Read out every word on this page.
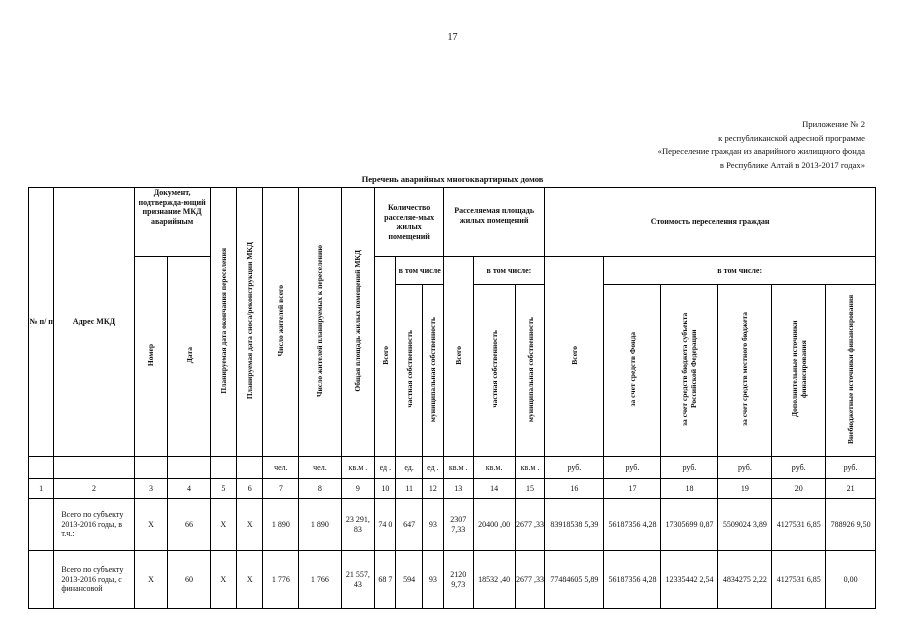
17
Приложение № 2
к республиканской адресной программе
«Переселение граждан из аварийного жилищного фонда
в Республике Алтай в 2013-2017 годах»
Перечень аварийных многоквартирных домов
№ п/ п	Адрес МКД	Документ, подтвержда-ющий признание МКД аварийным		Планируемая дата окончания переселения	Планируемая дата сноса/реконструкции МКД	Число жителей всего	Число жителей планируемых к переселению	Общая площадь жилых помещений МКД	Количество расселяе-мых жилых помещений			Расселяемая площадь жилых помещений			Стоимость переселения граждан					
		Номер	Дата						Всего	в том числе		Всего	в том числе:		Всего	в том числе:				
										частная собственность	муниципальная собственность		частная собственность	муниципальная собственность		за счет средств Фонда	за счет средств бюджета субъекта Российской Федерации	за счет средств местного бюджета	Дополнительные источники финансирования	Внебюджетные источники финансирования
						чел.	чел.	кв.м .	ед .	ед.	ед .	кв.м .	кв.м.	кв.м .	руб.	руб.	руб.	руб.	руб.	руб.
1	2	3	4	5	6	7	8	9	10	11	12	13	14	15	16	17	18	19	20	21
	Всего по субъекту 2013-2016 годы, в т.ч.:	X	66	X	X	1 890	1 890	23 291, 83	74 0	647	93	2307 7,33	20400 ,00	2677 ,33	83918538 5,39	56187356 4,28	17305699 0,87	5509024 3,89	4127531 6,85	788926 9,50
	Всего по субъекту 2013-2016 годы, с финансовой	X	60	X	X	1 776	1 766	21 557, 43	68 7	594	93	2120 9,73	18532 ,40	2677 ,33	77484605 5,89	56187356 4,28	12335442 2,54	4834275 2,22	4127531 6,85	0,00
